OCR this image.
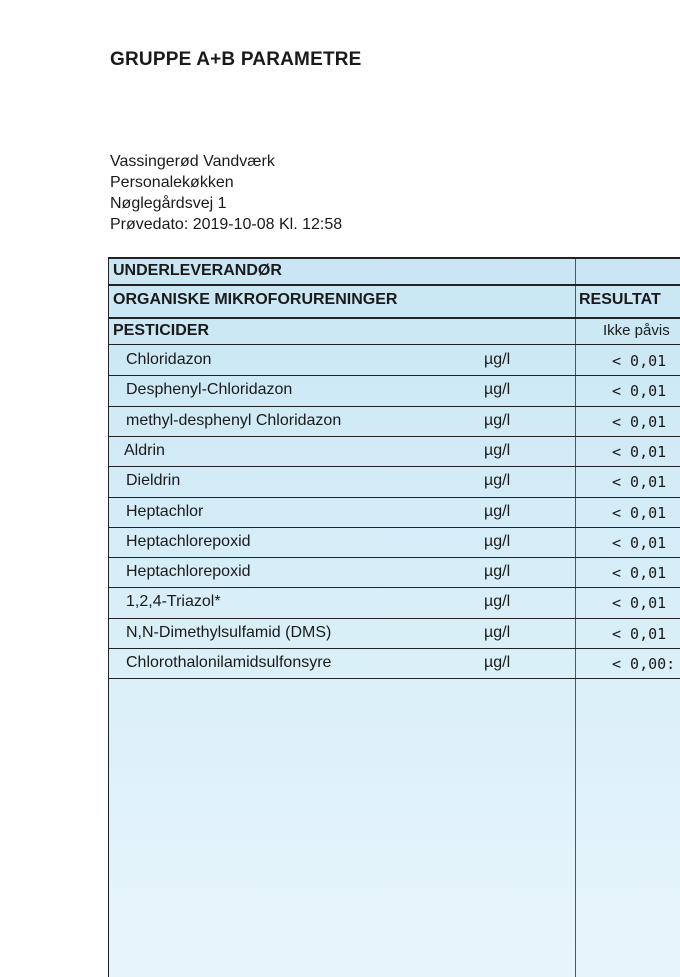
GRUPPE A+B PARAMETRE
Vassingerød Vandværk
Personalekøkken
Nøglegårdsvej 1
Prøvedato: 2019-10-08 Kl. 12:58
UNDERLEVERANDØR
ORGANISKE MIKROFORURENINGER	RESULTAT
PESTICIDER	Ikke påvis
Chloridazon	µg/l	< 0,01
Desphenyl-Chloridazon	µg/l	< 0,01
methyl-desphenyl Chloridazon	µg/l	< 0,01
Aldrin	µg/l	< 0,01
Dieldrin	µg/l	< 0,01
Heptachlor	µg/l	< 0,01
Heptachlorepoxid	µg/l	< 0,01
Heptachlorepoxid	µg/l	< 0,01
1,2,4-Triazol*	µg/l	< 0,01
N,N-Dimethylsulfamid (DMS)	µg/l	< 0,01
Chlorothalonilamidsulfonsyre	µg/l	< 0,00:
